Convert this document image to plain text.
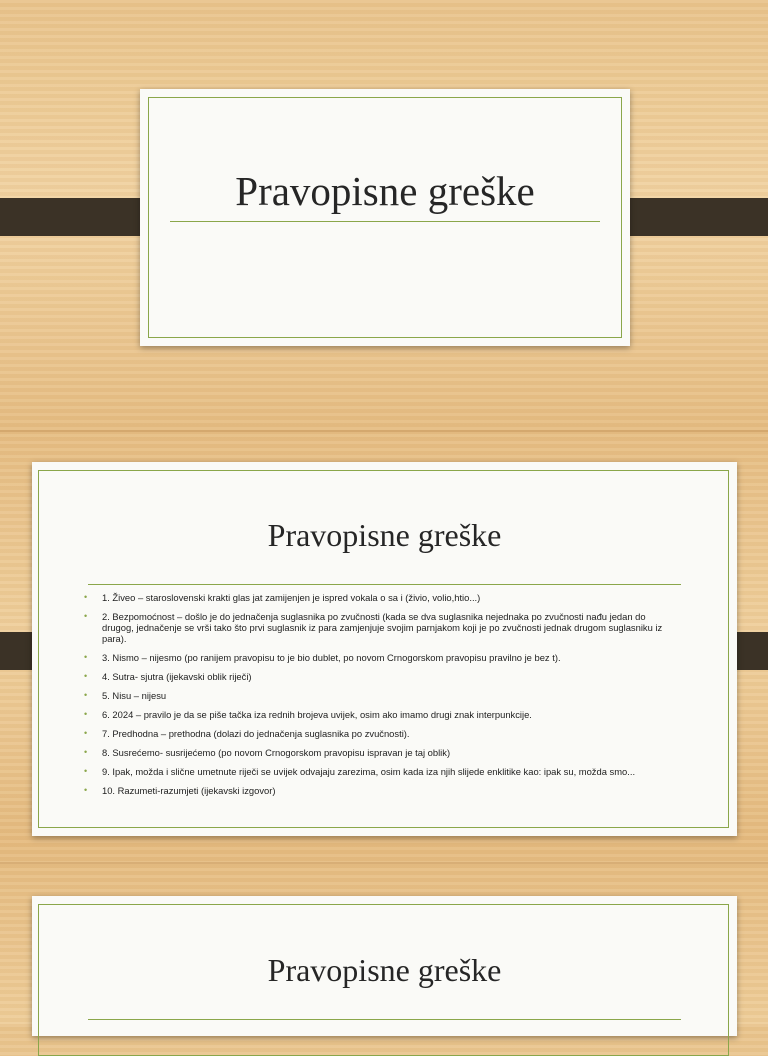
Pravopisne greške
Pravopisne greške
• 1. Živeo – staroslovenski krakti glas jat zamijenjen je ispred vokala o sa i (živio, volio,htio...)
• 2. Bezpomoćnost – došlo je do jednačenja suglasnika po zvučnosti (kada se dva suglasnika nejednaka po zvučnosti nađu jedan do drugog, jednačenje se vrši tako što prvi suglasnik iz para zamjenjuje svojim parnjakom koji je po zvučnosti jednak drugom suglasniku iz para).
• 3. Nismo – nijesmo (po ranijem pravopisu to je bio dublet, po novom Crnogorskom pravopisu pravilno je bez t).
• 4. Sutra- sjutra (ijekavski oblik riječi)
• 5. Nisu – nijesu
• 6. 2024 – pravilo je da se piše tačka iza rednih brojeva uvijek, osim ako imamo drugi znak interpunkcije.
• 7. Predhodna – prethodna (dolazi do jednačenja suglasnika po zvučnosti).
• 8. Susrećemo- susrijećemo (po novom Crnogorskom pravopisu ispravan je taj oblik)
• 9. Ipak, možda i slične umetnute riječi se uvijek odvajaju zarezima, osim kada iza njih slijede enklitike kao: ipak su, možda smo...
• 10. Razumeti-razumjeti (ijekavski izgovor)
Pravopisne greške
